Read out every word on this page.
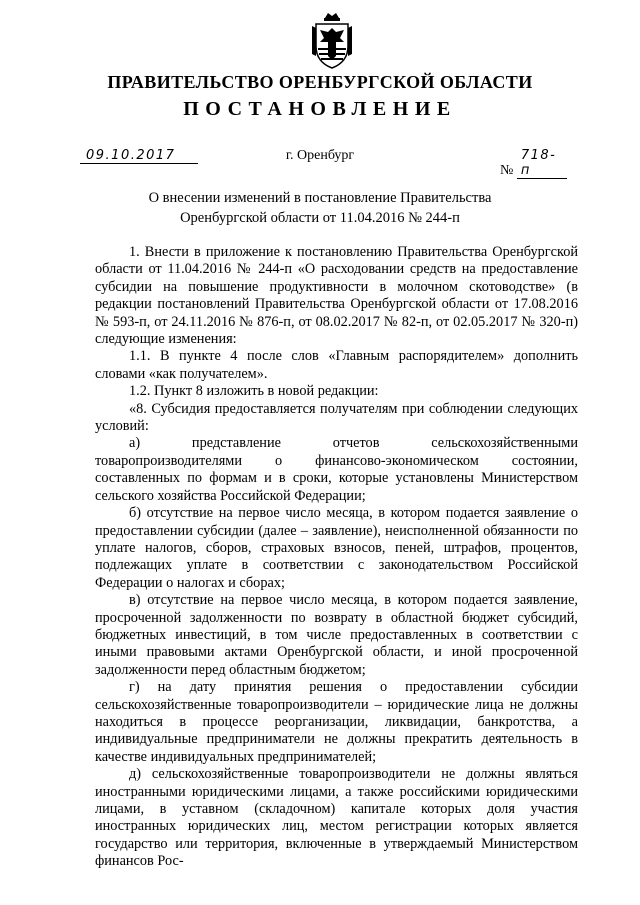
ПРАВИТЕЛЬСТВО ОРЕНБУРГСКОЙ ОБЛАСТИ
ПОСТАНОВЛЕНИЕ
09.10.2017	г. Оренбург
№ 718-п
О внесении изменений в постановление Правительства
Оренбургской области от 11.04.2016 № 244-п

1. Внести в приложение к постановлению Правительства Оренбургской области от 11.04.2016 № 244-п «О расходовании средств на предоставление субсидии на повышение продуктивности в молочном скотоводстве» (в редакции постановлений Правительства Оренбургской области от 17.08.2016 № 593-п, от 24.11.2016 № 876-п, от 08.02.2017 № 82-п, от 02.05.2017 № 320-п) следующие изменения:

1.1. В пункте 4 после слов «Главным распорядителем» дополнить словами «как получателем».

1.2. Пункт 8 изложить в новой редакции:

«8. Субсидия предоставляется получателям при соблюдении следующих условий:

а) представление отчетов сельскохозяйственными товаропроизводителями о финансово-экономическом состоянии, составленных по формам и в сроки, которые установлены Министерством сельского хозяйства Российской Федерации;

б) отсутствие на первое число месяца, в котором подается заявление о предоставлении субсидии (далее – заявление), неисполненной обязанности по уплате налогов, сборов, страховых взносов, пеней, штрафов, процентов, подлежащих уплате в соответствии с законодательством Российской Федерации о налогах и сборах;

в) отсутствие на первое число месяца, в котором подается заявление, просроченной задолженности по возврату в областной бюджет субсидий, бюджетных инвестиций, в том числе предоставленных в соответствии с иными правовыми актами Оренбургской области, и иной просроченной задолженности перед областным бюджетом;

г) на дату принятия решения о предоставлении субсидии сельскохозяйственные товаропроизводители – юридические лица не должны находиться в процессе реорганизации, ликвидации, банкротства, а индивидуальные предприниматели не должны прекратить деятельность в качестве индивидуальных предпринимателей;

д) сельскохозяйственные товаропроизводители не должны являться иностранными юридическими лицами, а также российскими юридическими лицами, в уставном (складочном) капитале которых доля участия иностранных юридических лиц, местом регистрации которых является государство или территория, включенные в утверждаемый Министерством финансов Рос-
